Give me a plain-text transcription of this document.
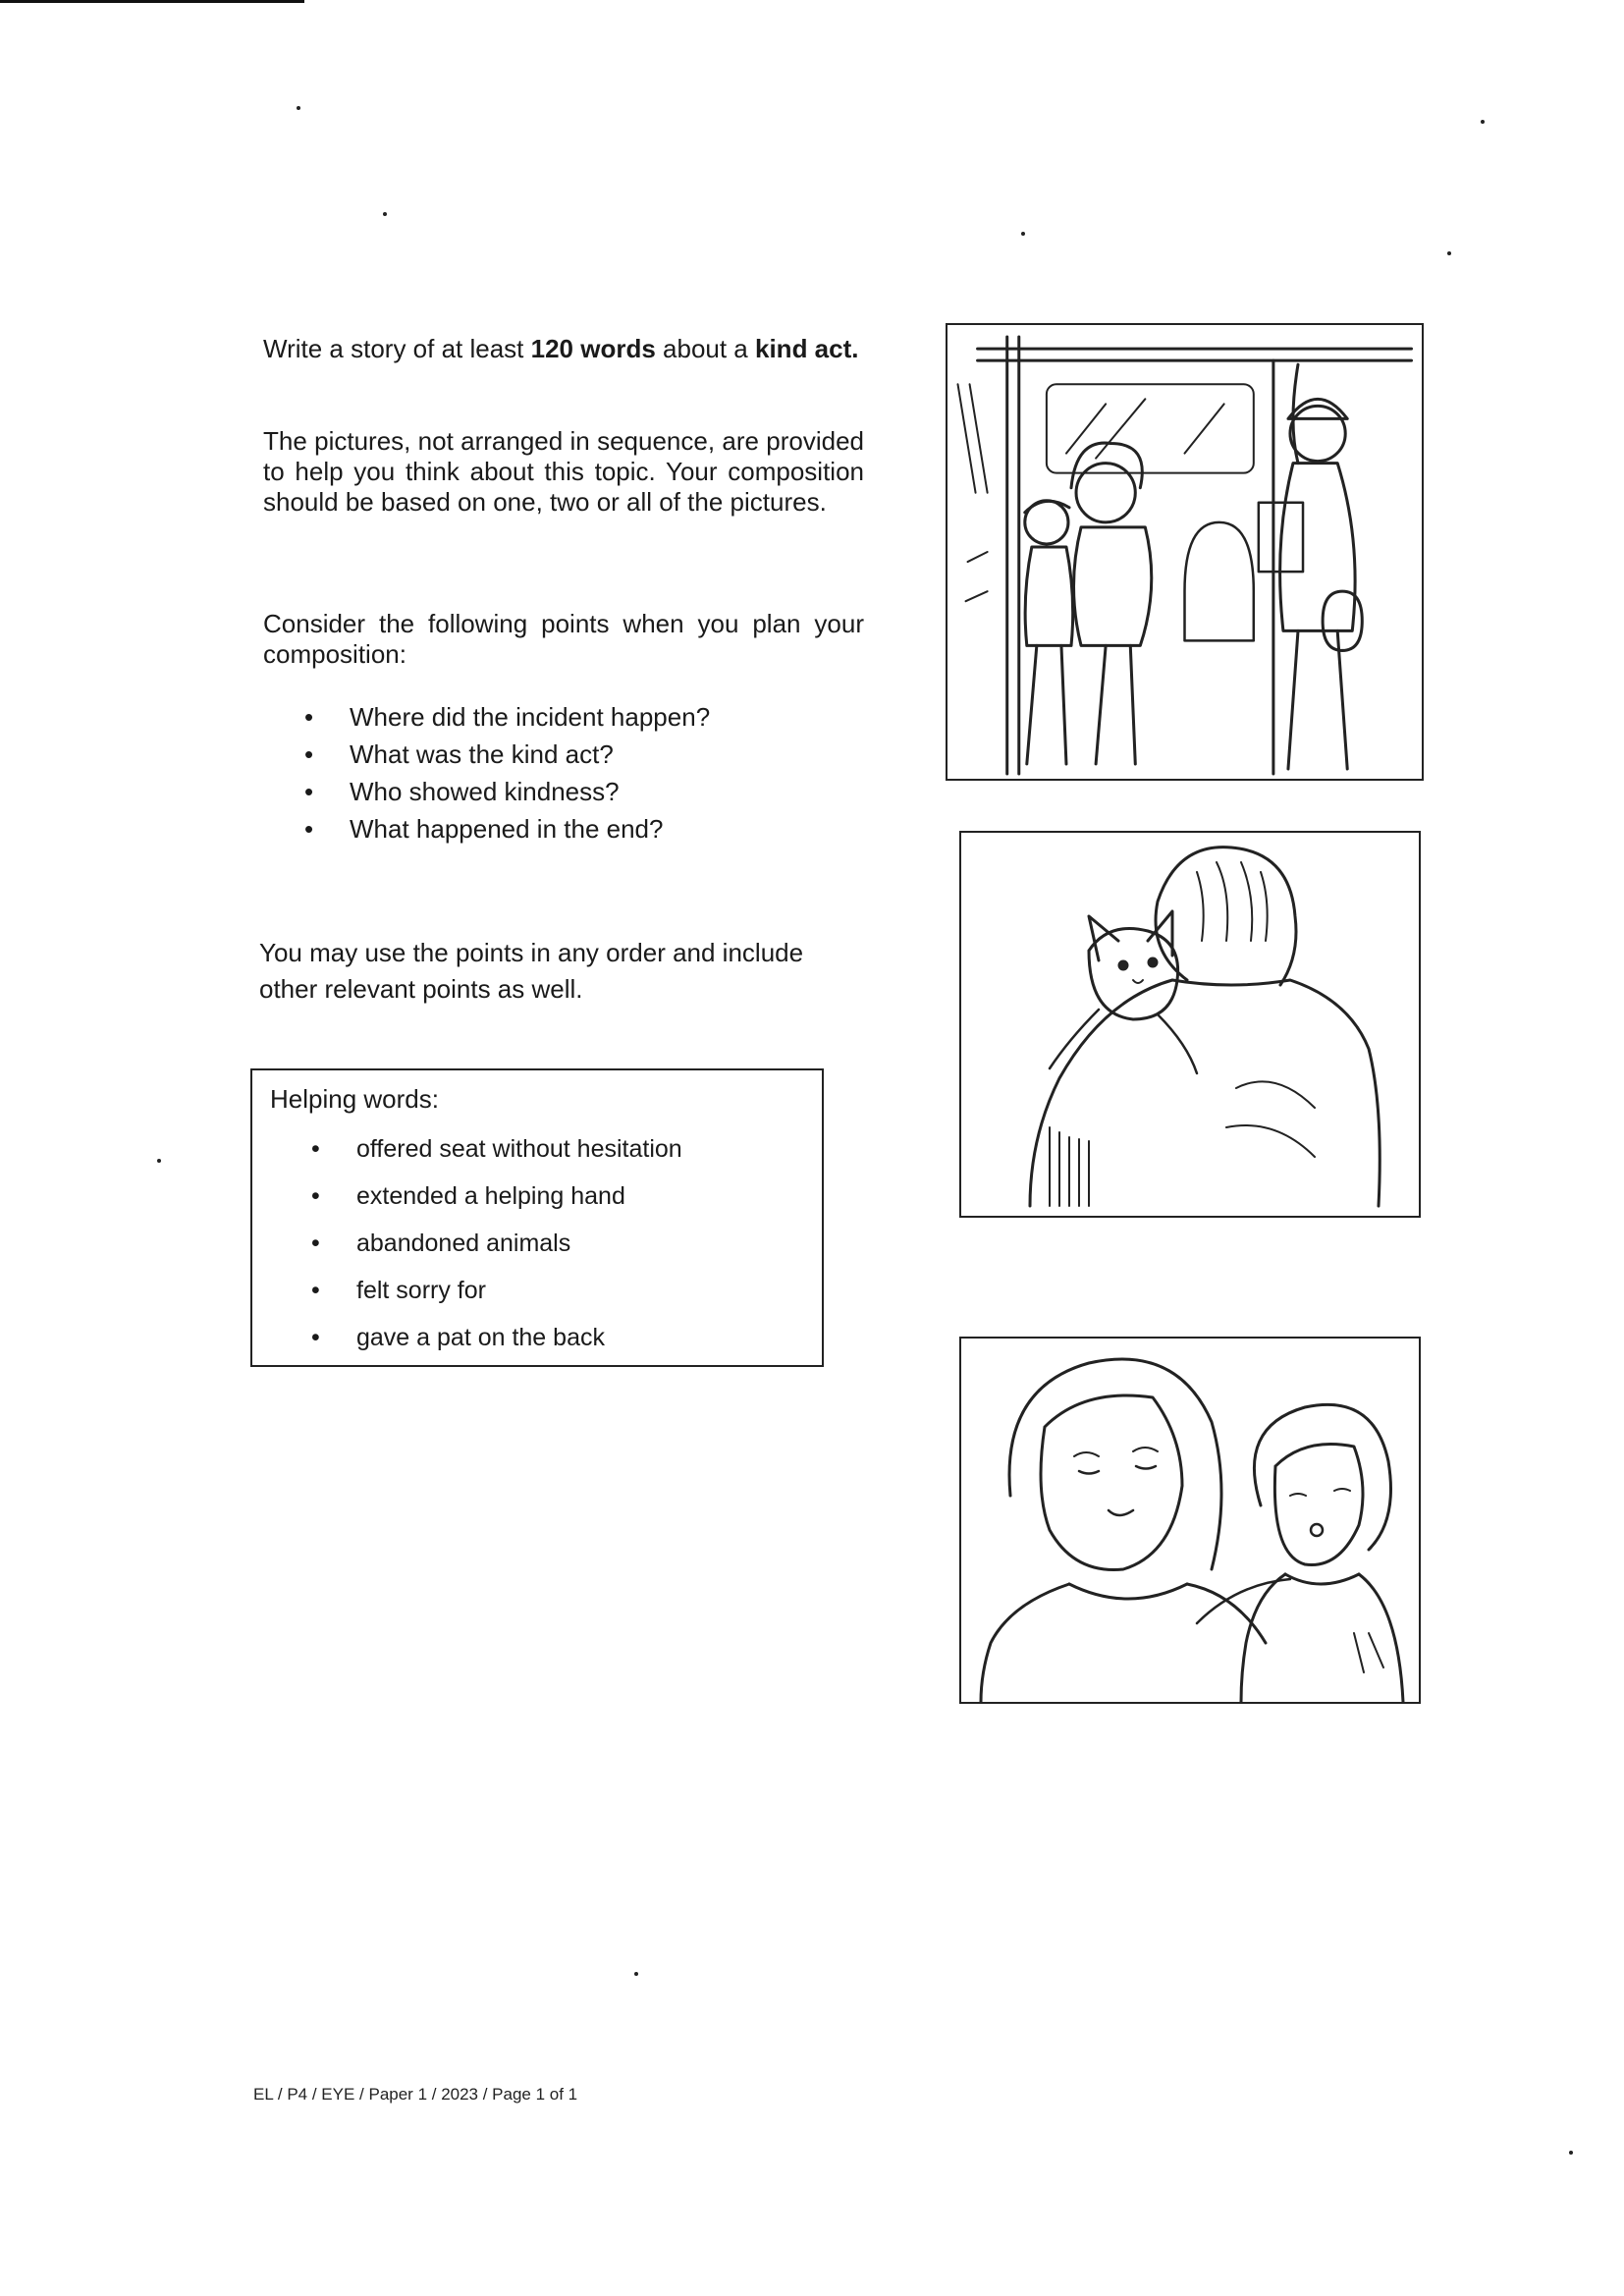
Write a story of at least 120 words about a kind act.

The pictures, not arranged in sequence, are provided to help you think about this topic. Your composition should be based on one, two or all of the pictures.

Consider the following points when you plan your composition:

• Where did the incident happen?
• What was the kind act?
• Who showed kindness?
• What happened in the end?

You may use the points in any order and include other relevant points as well.

Helping words:

• offered seat without hesitation
• extended a helping hand
• abandoned animals
• felt sorry for
• gave a pat on the back

EL / P4 / EYE / Paper 1 / 2023 / Page 1 of 1
